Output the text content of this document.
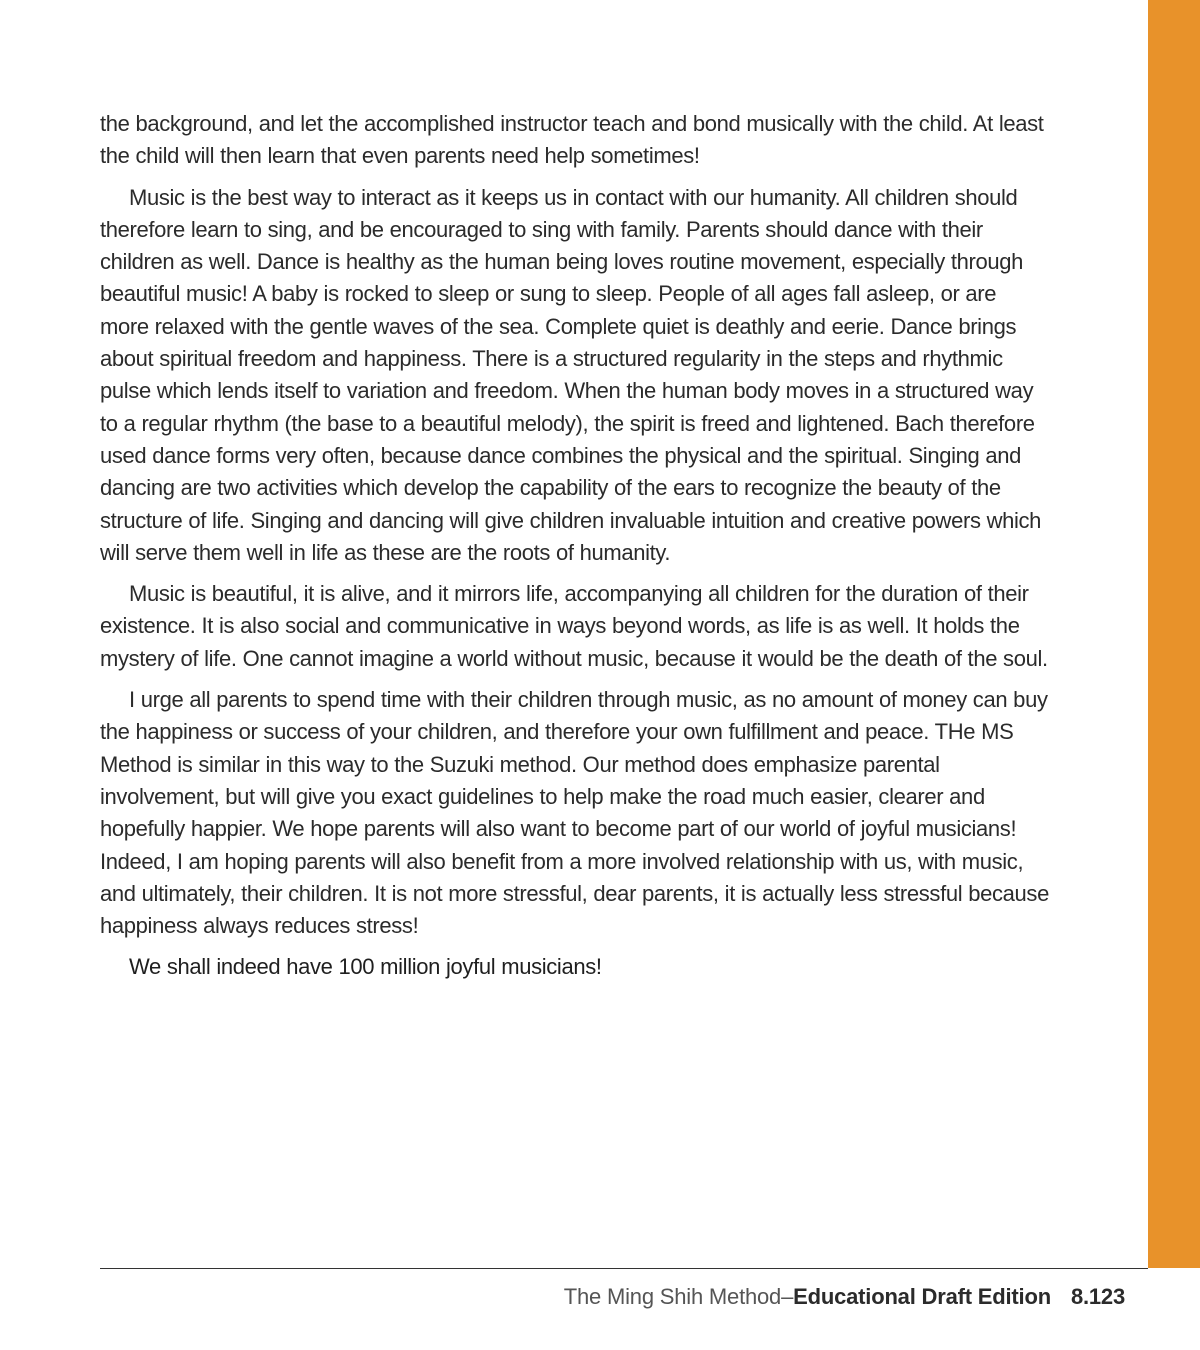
the background, and let the accomplished instructor teach and bond musically with the child. At least the child will then learn that even parents need help sometimes!

Music is the best way to interact as it keeps us in contact with our humanity. All children should therefore learn to sing, and be encouraged to sing with family. Parents should dance with their children as well. Dance is healthy as the human being loves routine movement, especially through beautiful music! A baby is rocked to sleep or sung to sleep. People of all ages fall asleep, or are more relaxed with the gentle waves of the sea. Complete quiet is deathly and eerie. Dance brings about spiritual freedom and happiness. There is a structured regularity in the steps and rhythmic pulse which lends itself to variation and freedom. When the human body moves in a structured way to a regular rhythm (the base to a beautiful melody), the spirit is freed and lightened. Bach therefore used dance forms very often, because dance combines the physical and the spiritual. Singing and dancing are two activities which develop the capability of the ears to recognize the beauty of the structure of life. Singing and dancing will give children invaluable intuition and creative powers which will serve them well in life as these are the roots of humanity.

Music is beautiful, it is alive, and it mirrors life, accompanying all children for the duration of their existence. It is also social and communicative in ways beyond words, as life is as well. It holds the mystery of life. One cannot imagine a world without music, because it would be the death of the soul.

I urge all parents to spend time with their children through music, as no amount of money can buy the happiness or success of your children, and therefore your own fulfillment and peace. THe MS Method is similar in this way to the Suzuki method. Our method does emphasize parental involvement, but will give you exact guidelines to help make the road much easier, clearer and hopefully happier. We hope parents will also want to become part of our world of joyful musicians! Indeed, I am hoping parents will also benefit from a more involved relationship with us, with music, and ultimately, their children. It is not more stressful, dear parents, it is actually less stressful because happiness always reduces stress!

We shall indeed have 100 million joyful musicians!

The Ming Shih Method–Educational Draft Edition 8.123
